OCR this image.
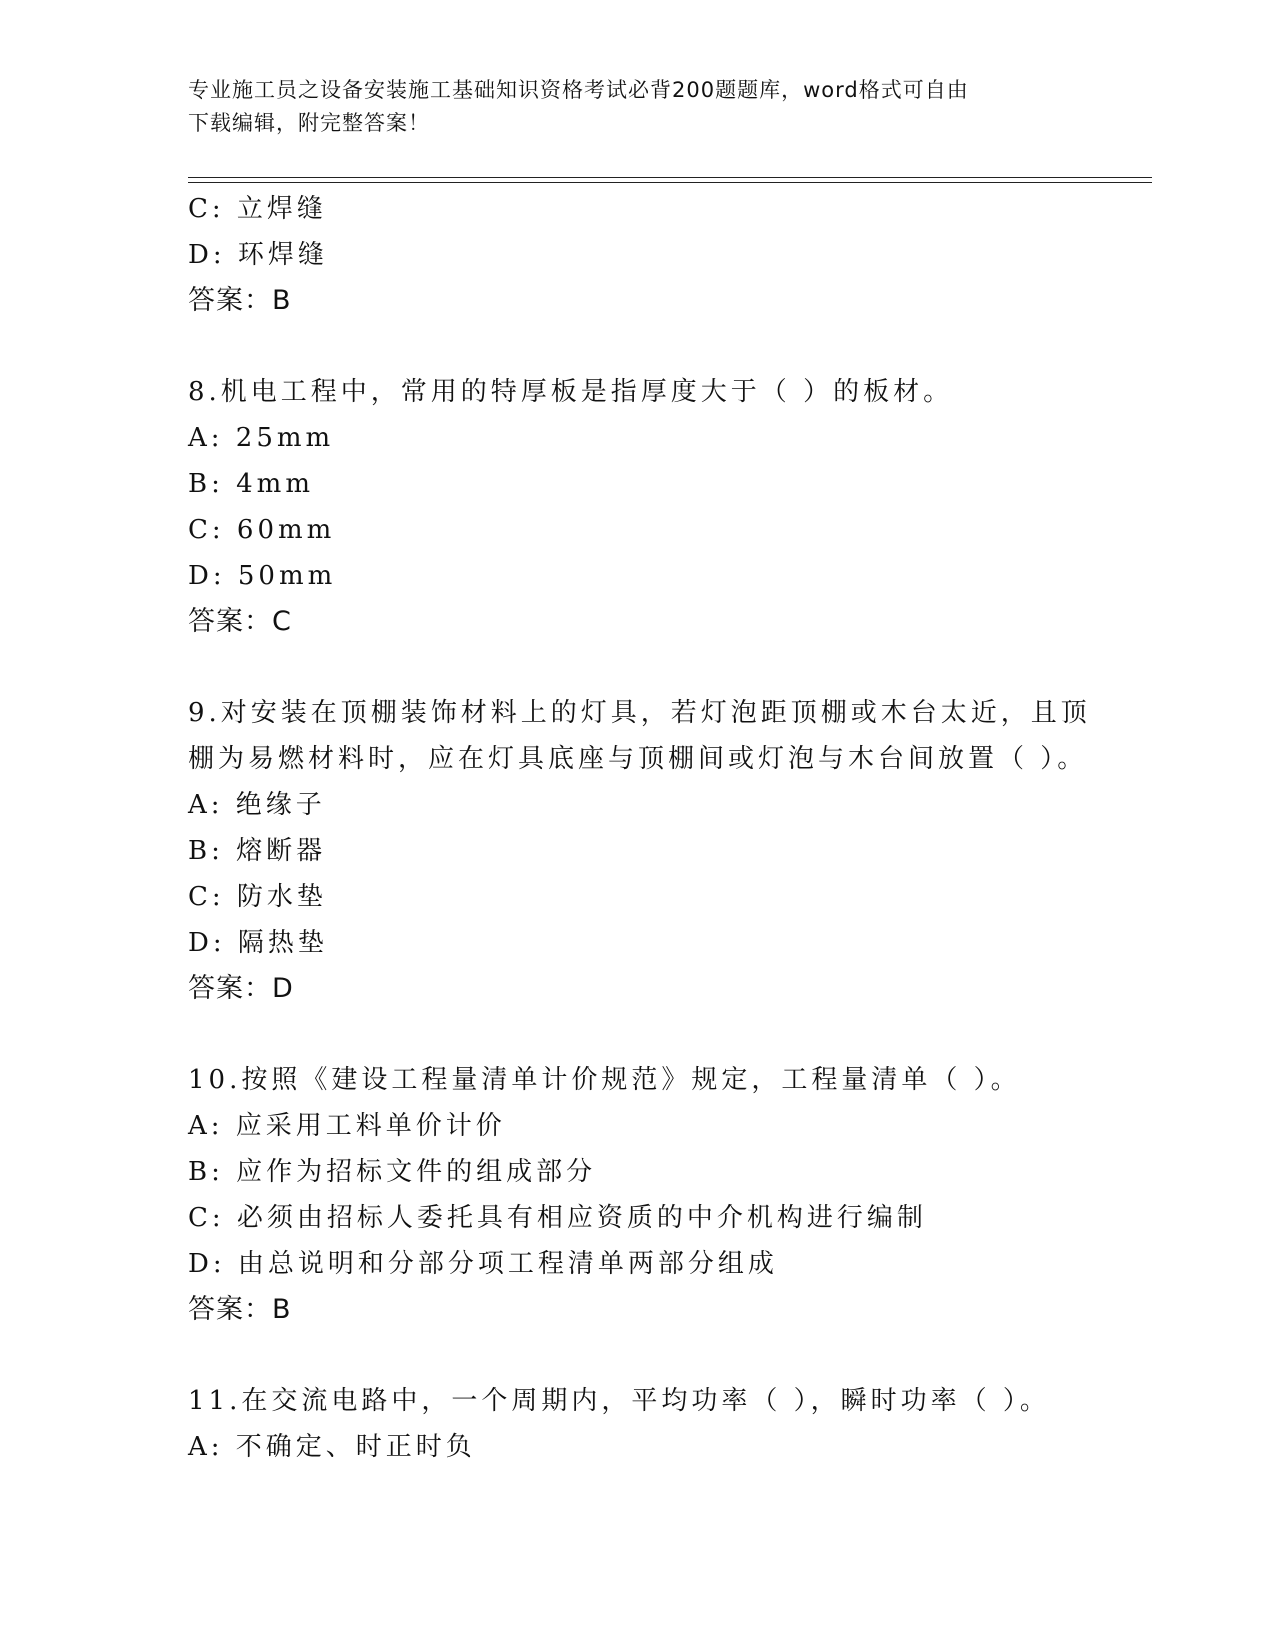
专业施工员之设备安装施工基础知识资格考试必背200题题库，word格式可自由
下载编辑，附完整答案！
C: 立焊缝
D: 环焊缝
答案：B
8.机电工程中，常用的特厚板是指厚度大于（ ）的板材。
A: 25mm
B: 4mm
C: 60mm
D: 50mm
答案：C
9.对安装在顶棚装饰材料上的灯具，若灯泡距顶棚或木台太近，且顶
棚为易燃材料时，应在灯具底座与顶棚间或灯泡与木台间放置（ ）。
A: 绝缘子
B: 熔断器
C: 防水垫
D: 隔热垫
答案：D
10.按照《建设工程量清单计价规范》规定，工程量清单（ ）。
A: 应采用工料单价计价
B: 应作为招标文件的组成部分
C: 必须由招标人委托具有相应资质的中介机构进行编制
D: 由总说明和分部分项工程清单两部分组成
答案：B
11.在交流电路中，一个周期内，平均功率（ ），瞬时功率（ ）。
A: 不确定、时正时负
